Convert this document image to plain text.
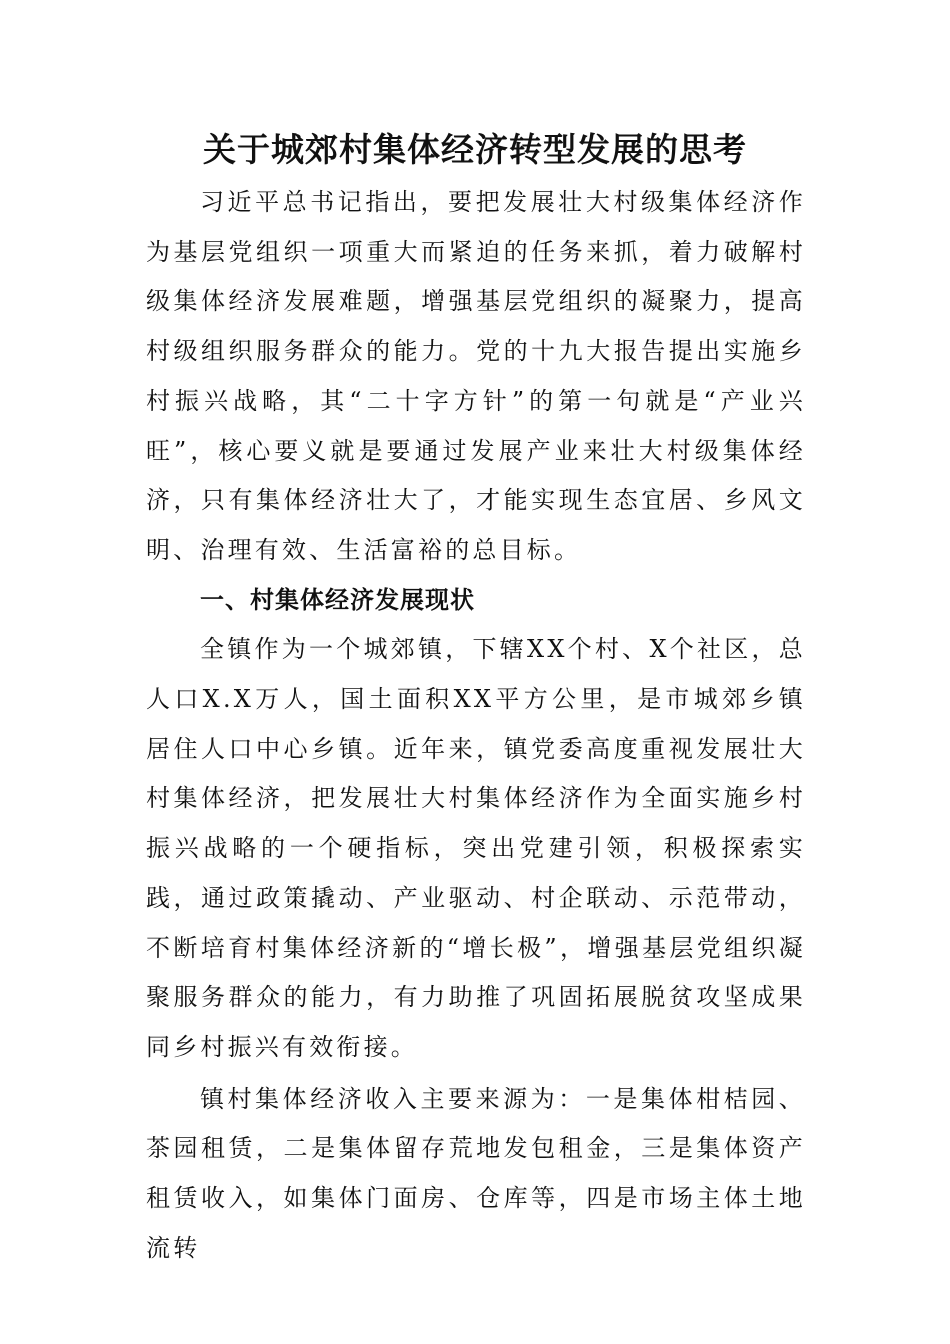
关于城郊村集体经济转型发展的思考

习近平总书记指出，要把发展壮大村级集体经济作为基层党组织一项重大而紧迫的任务来抓，着力破解村级集体经济发展难题，增强基层党组织的凝聚力，提高村级组织服务群众的能力。党的十九大报告提出实施乡村振兴战略，其“二十字方针”的第一句就是“产业兴旺”，核心要义就是要通过发展产业来壮大村级集体经济，只有集体经济壮大了，才能实现生态宜居、乡风文明、治理有效、生活富裕的总目标。

一、村集体经济发展现状

全镇作为一个城郊镇，下辖XX个村、X个社区，总人口X.X万人，国土面积XX平方公里，是市城郊乡镇居住人口中心乡镇。近年来，镇党委高度重视发展壮大村集体经济，把发展壮大村集体经济作为全面实施乡村振兴战略的一个硬指标，突出党建引领，积极探索实践，通过政策撬动、产业驱动、村企联动、示范带动，不断培育村集体经济新的“增长极”，增强基层党组织凝聚服务群众的能力，有力助推了巩固拓展脱贫攻坚成果同乡村振兴有效衔接。

镇村集体经济收入主要来源为：一是集体柑桔园、茶园租赁，二是集体留存荒地发包租金，三是集体资产租赁收入，如集体门面房、仓库等，四是市场主体土地流转
